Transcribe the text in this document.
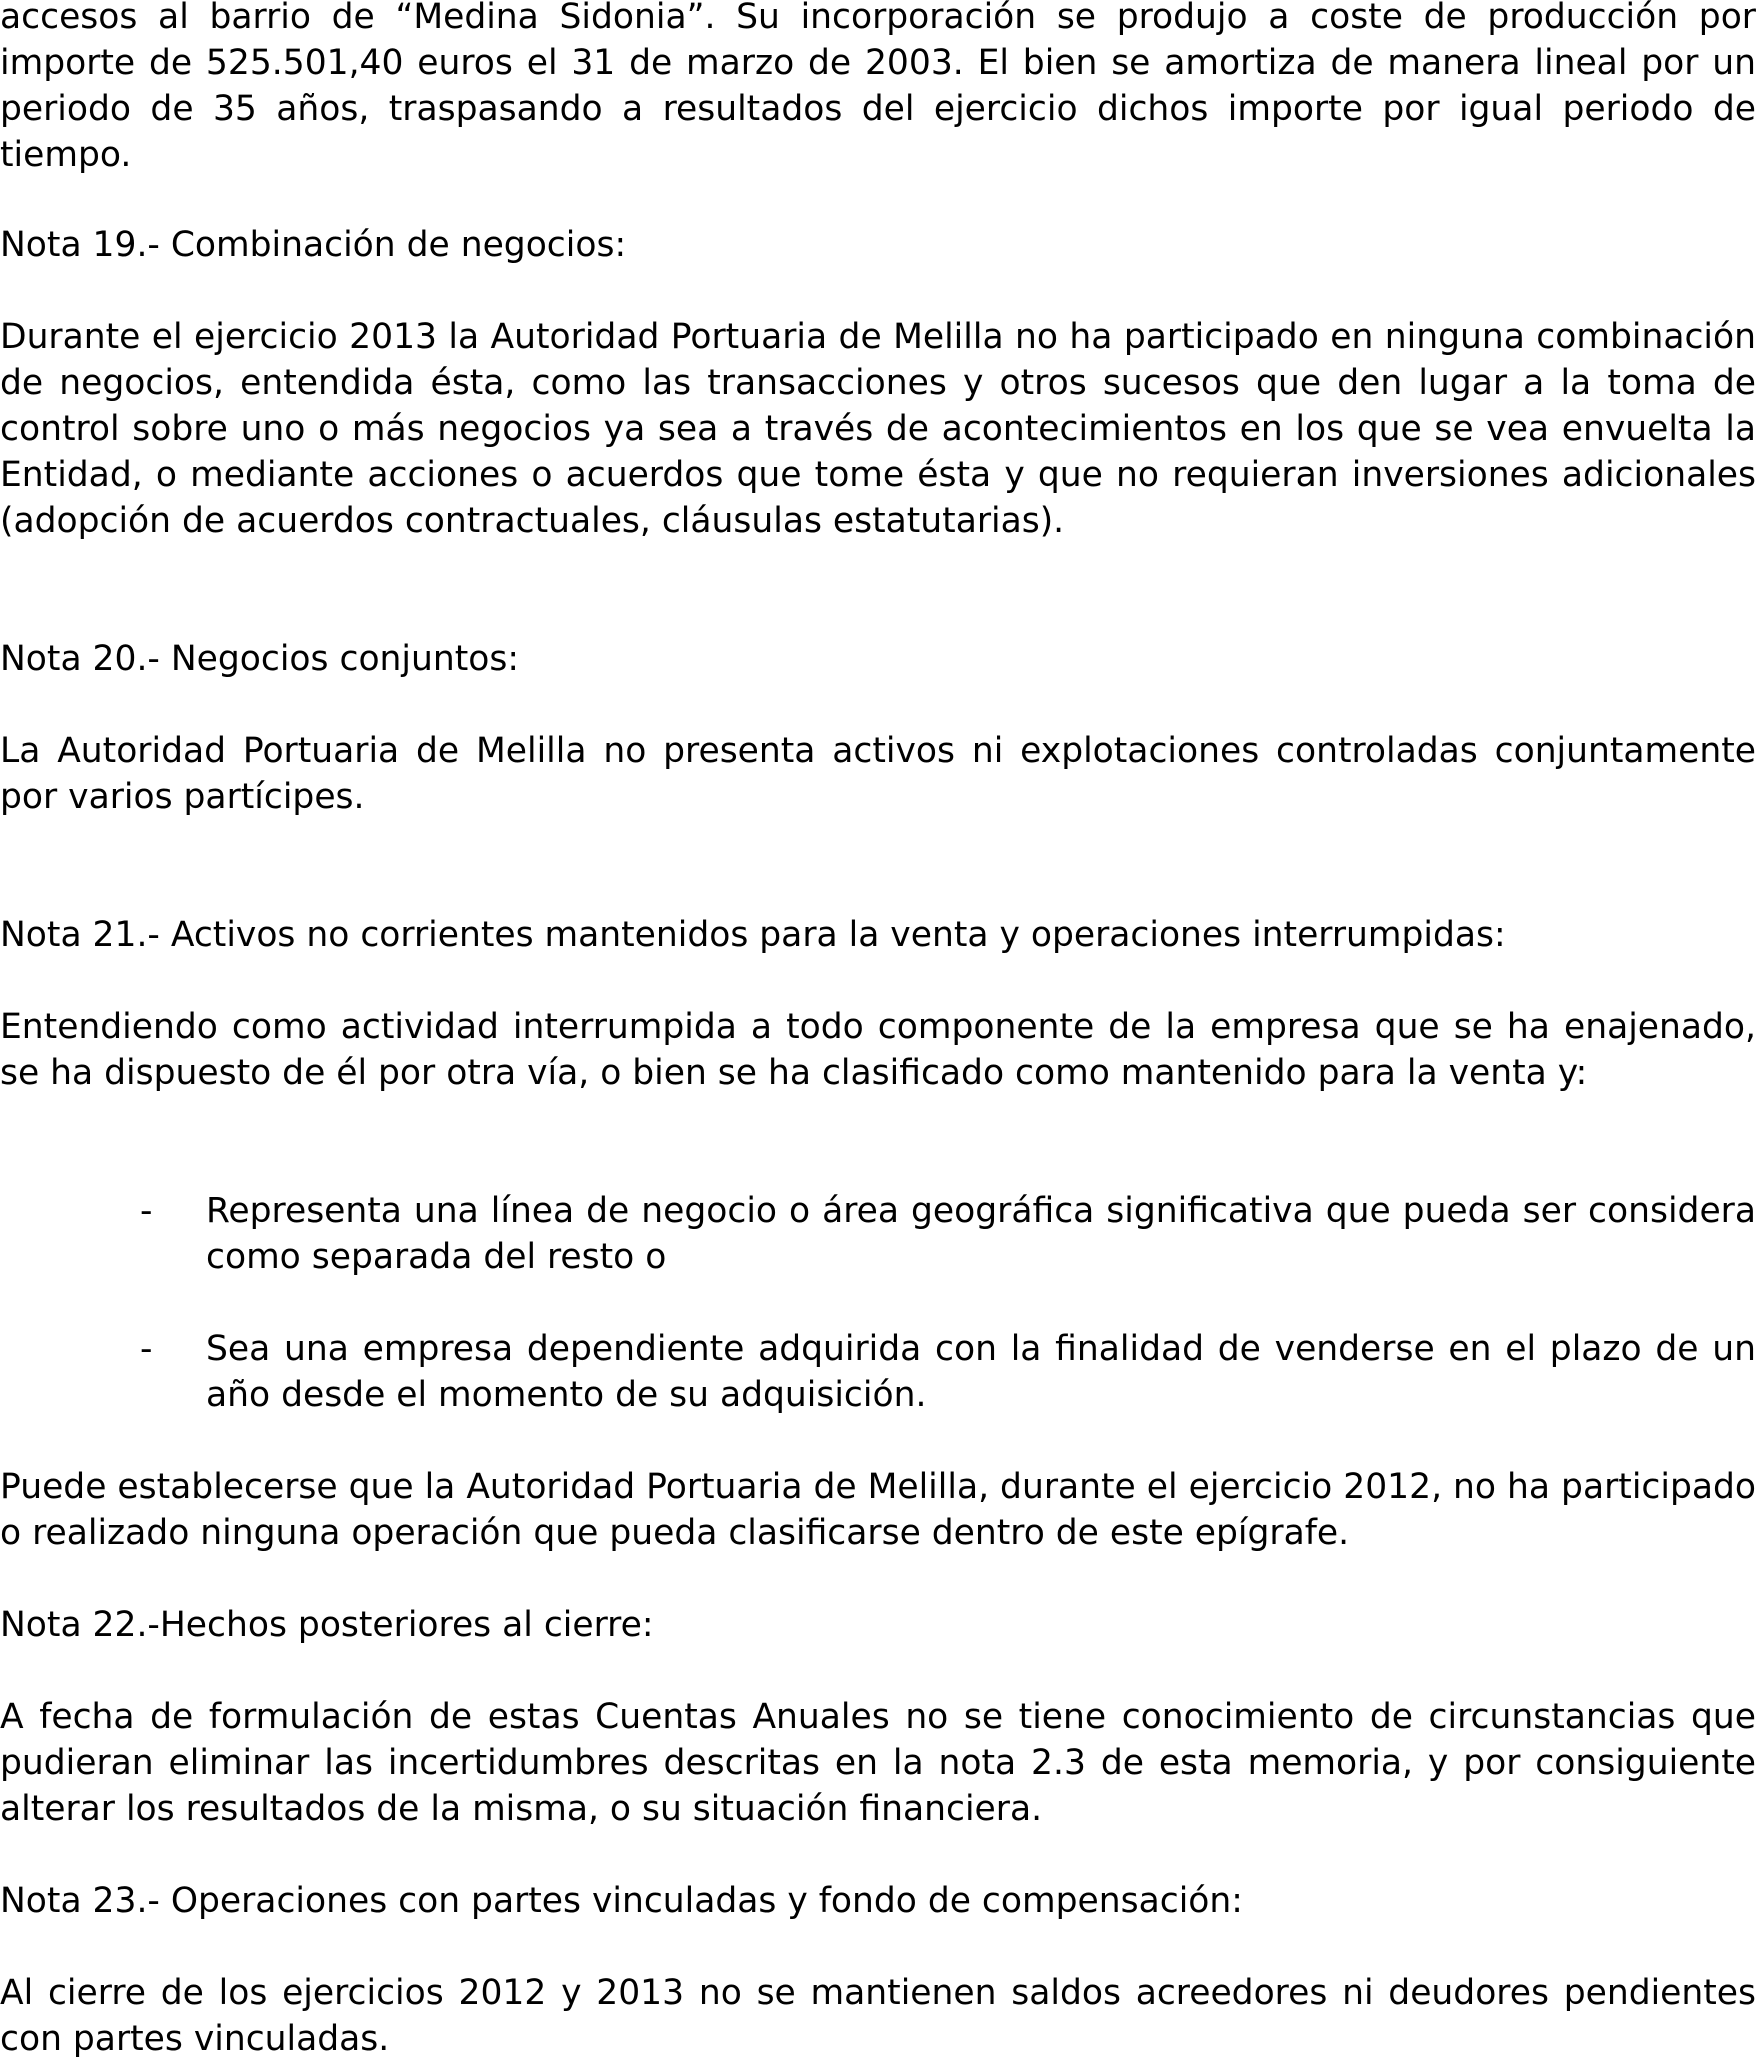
accesos al barrio de “Medina Sidonia”. Su incorporación se produjo a coste de producción por importe de 525.501,40 euros el 31 de marzo de 2003. El bien se amortiza de manera lineal por un periodo de 35 años, traspasando a resultados del ejercicio dichos importe por igual periodo de tiempo.

Nota 19.- Combinación de negocios:

Durante el ejercicio 2013 la Autoridad Portuaria de Melilla no ha participado en ninguna combinación de negocios, entendida ésta, como las transacciones y otros sucesos que den lugar a la toma de control sobre uno o más negocios ya sea a través de acontecimientos en los que se vea envuelta la Entidad, o mediante acciones o acuerdos que tome ésta y que no requieran inversiones adicionales (adopción de acuerdos contractuales, cláusulas estatutarias).

Nota 20.- Negocios conjuntos:

La Autoridad Portuaria de Melilla no presenta activos ni explotaciones controladas conjuntamente por varios partícipes.

Nota 21.- Activos no corrientes mantenidos para la venta y operaciones interrumpidas:

Entendiendo como actividad interrumpida a todo componente de la empresa que se ha enajenado, se ha dispuesto de él por otra vía, o bien se ha clasificado como mantenido para la venta y:

- Representa una línea de negocio o área geográfica significativa que pueda ser considera como separada del resto o

- Sea una empresa dependiente adquirida con la finalidad de venderse en el plazo de un año desde el momento de su adquisición.

Puede establecerse que la Autoridad Portuaria de Melilla, durante el ejercicio 2012, no ha participado o realizado ninguna operación que pueda clasificarse dentro de este epígrafe.

Nota 22.-Hechos posteriores al cierre:

A fecha de formulación de estas Cuentas Anuales no se tiene conocimiento de circunstancias que pudieran eliminar las incertidumbres descritas en la nota 2.3 de esta memoria, y por consiguiente alterar los resultados de la misma, o su situación financiera.

Nota 23.- Operaciones con partes vinculadas y fondo de compensación:

Al cierre de los ejercicios 2012 y 2013 no se mantienen saldos acreedores ni deudores pendientes con partes vinculadas.
